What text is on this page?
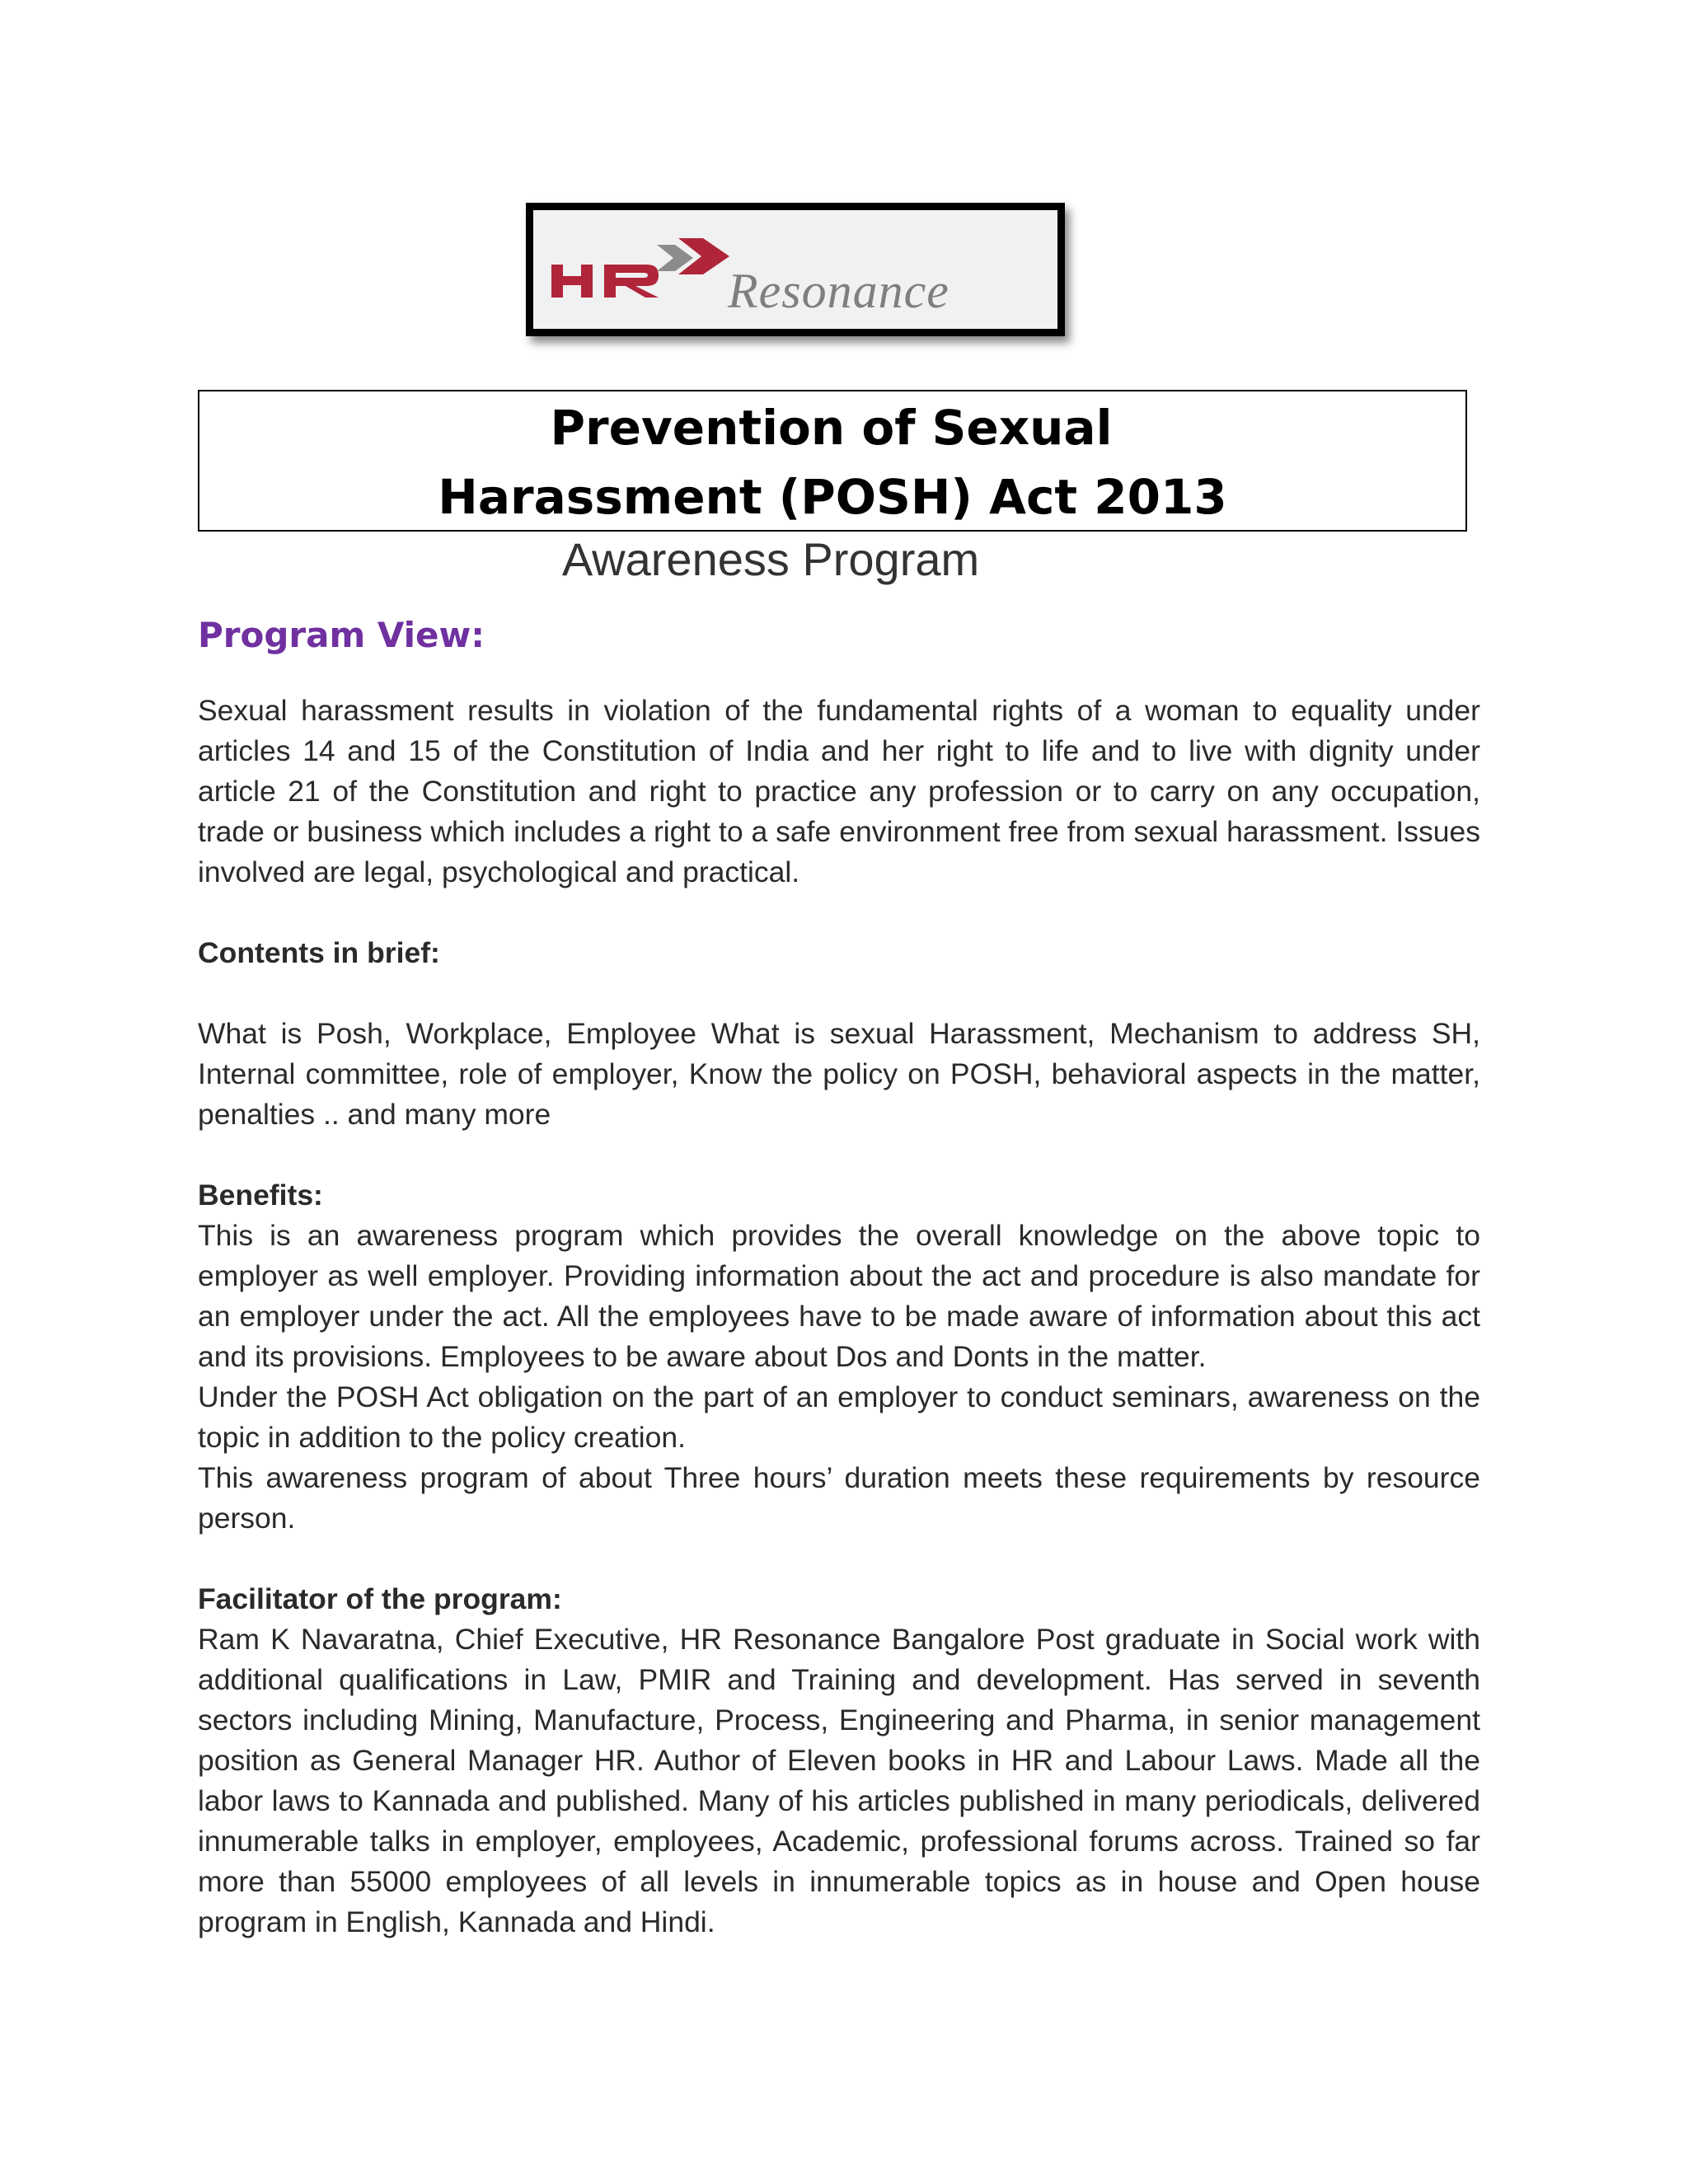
Resonance
Prevention of Sexual
Harassment (POSH) Act 2013
Awareness Program
Program View:

Sexual harassment results in violation of the fundamental rights of a woman to equality under articles 14 and 15 of the Constitution of India and her right to life and to live with dignity under article 21 of the Constitution and right to practice any profession or to carry on any occupation, trade or business which includes a right to a safe environment free from sexual harassment. Issues involved are legal, psychological and practical.

Contents in brief:

What is Posh, Workplace, Employee What is sexual Harassment, Mechanism to address SH, Internal committee, role of employer, Know the policy on POSH, behavioral aspects in the matter, penalties .. and many more

Benefits:

This is an awareness program which provides the overall knowledge on the above topic to employer as well employer. Providing information about the act and procedure is also mandate for an employer under the act. All the employees have to be made aware of information about this act and its provisions. Employees to be aware about Dos and Donts in the matter.

Under the POSH Act obligation on the part of an employer to conduct seminars, awareness on the topic in addition to the policy creation.

This awareness program of about Three hours’ duration meets these requirements by resource person.

Facilitator of the program:

Ram K Navaratna, Chief Executive, HR Resonance Bangalore Post graduate in Social work with additional qualifications in Law, PMIR and Training and development. Has served in seventh sectors including Mining, Manufacture, Process, Engineering and Pharma, in senior management position as General Manager HR. Author of Eleven books in HR and Labour Laws. Made all the labor laws to Kannada and published. Many of his articles published in many periodicals, delivered innumerable talks in employer, employees, Academic, professional forums across. Trained so far more than 55000 employees of all levels in innumerable topics as in house and Open house program in English, Kannada and Hindi.
